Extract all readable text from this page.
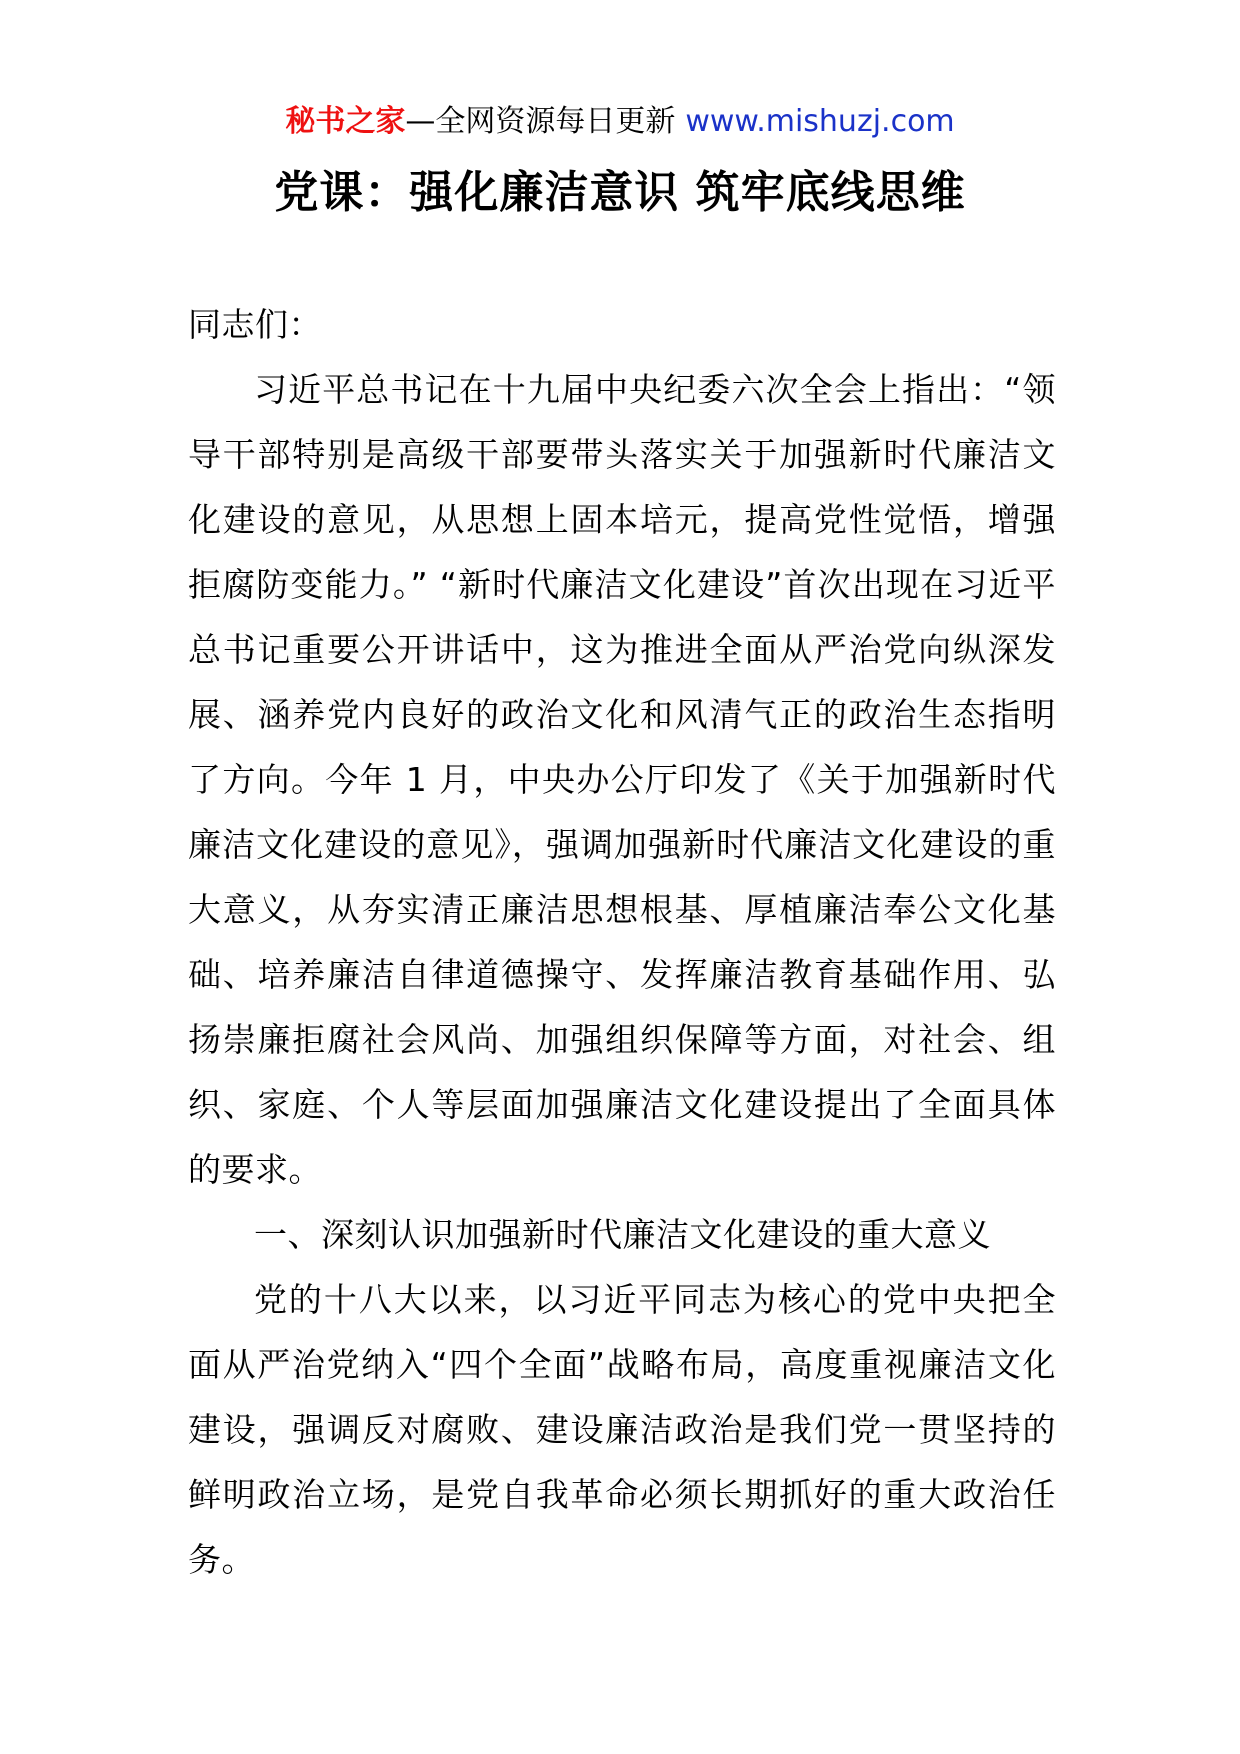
秘书之家—全网资源每日更新 www.mishuzj.com
党课：强化廉洁意识 筑牢底线思维

同志们：

习近平总书记在十九届中央纪委六次全会上指出：“领导干部特别是高级干部要带头落实关于加强新时代廉洁文化建设的意见，从思想上固本培元，提高党性觉悟，增强拒腐防变能力。” “新时代廉洁文化建设”首次出现在习近平总书记重要公开讲话中，这为推进全面从严治党向纵深发展、涵养党内良好的政治文化和风清气正的政治生态指明了方向。今年 1 月，中央办公厅印发了《关于加强新时代廉洁文化建设的意见》，强调加强新时代廉洁文化建设的重大意义，从夯实清正廉洁思想根基、厚植廉洁奉公文化基础、培养廉洁自律道德操守、发挥廉洁教育基础作用、弘扬崇廉拒腐社会风尚、加强组织保障等方面，对社会、组织、家庭、个人等层面加强廉洁文化建设提出了全面具体的要求。

一、深刻认识加强新时代廉洁文化建设的重大意义

党的十八大以来，以习近平同志为核心的党中央把全面从严治党纳入“四个全面”战略布局，高度重视廉洁文化建设，强调反对腐败、建设廉洁政治是我们党一贯坚持的鲜明政治立场，是党自我革命必须长期抓好的重大政治任务。
